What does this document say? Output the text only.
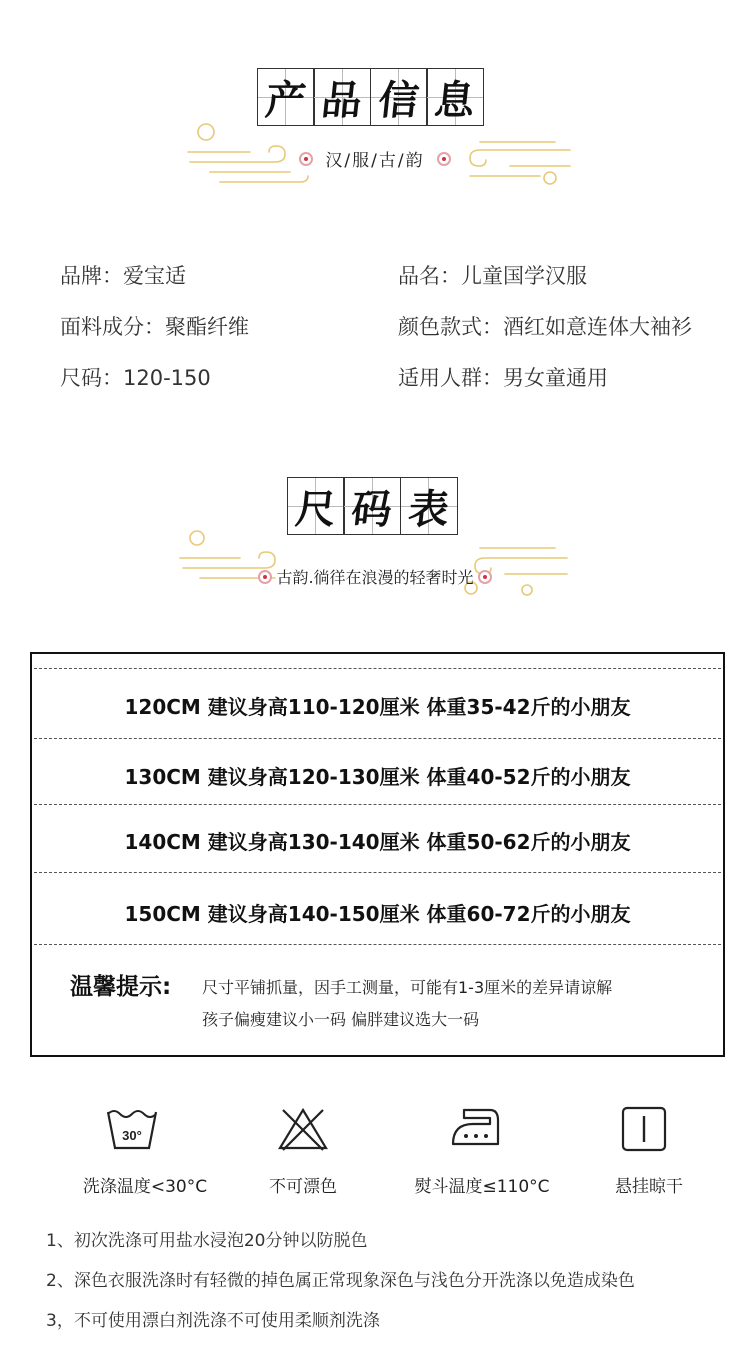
产 品 信 息
汉/服/古/韵
品牌：爱宝适	品名：儿童国学汉服
面料成分：聚酯纤维	颜色款式：酒红如意连体大袖衫
尺码：120-150	适用人群：男女童通用
尺 码 表
古韵.徜徉在浪漫的轻奢时光
120CM 建议身高110-120厘米 体重35-42斤的小朋友
130CM 建议身高120-130厘米 体重40-52斤的小朋友
140CM 建议身高130-140厘米 体重50-62斤的小朋友
150CM 建议身高140-150厘米 体重60-72斤的小朋友
温馨提示: 尺寸平铺抓量，因手工测量，可能有1-3厘米的差异请谅解
孩子偏瘦建议小一码 偏胖建议选大一码
30°
洗涤温度<30°C	不可漂色	熨斗温度≤110°C	悬挂晾干
1、初次洗涤可用盐水浸泡20分钟以防脱色
2、深色衣服洗涤时有轻微的掉色属正常现象深色与浅色分开洗涤以免造成染色
3，不可使用漂白剂洗涤不可使用柔顺剂洗涤
